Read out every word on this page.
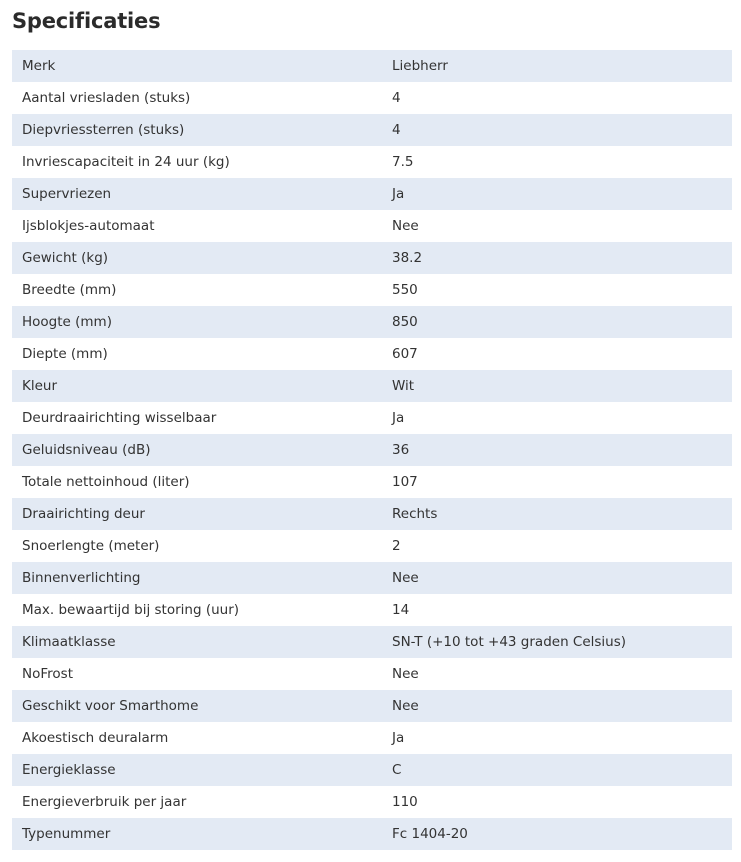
Specificaties
Merk	Liebherr
Aantal vriesladen (stuks)	4
Diepvriessterren (stuks)	4
Invriescapaciteit in 24 uur (kg)	7.5
Supervriezen	Ja
Ijsblokjes-automaat	Nee
Gewicht (kg)	38.2
Breedte (mm)	550
Hoogte (mm)	850
Diepte (mm)	607
Kleur	Wit
Deurdraairichting wisselbaar	Ja
Geluidsniveau (dB)	36
Totale nettoinhoud (liter)	107
Draairichting deur	Rechts
Snoerlengte (meter)	2
Binnenverlichting	Nee
Max. bewaartijd bij storing (uur)	14
Klimaatklasse	SN-T (+10 tot +43 graden Celsius)
NoFrost	Nee
Geschikt voor Smarthome	Nee
Akoestisch deuralarm	Ja
Energieklasse	C
Energieverbruik per jaar	110
Typenummer	Fc 1404-20
